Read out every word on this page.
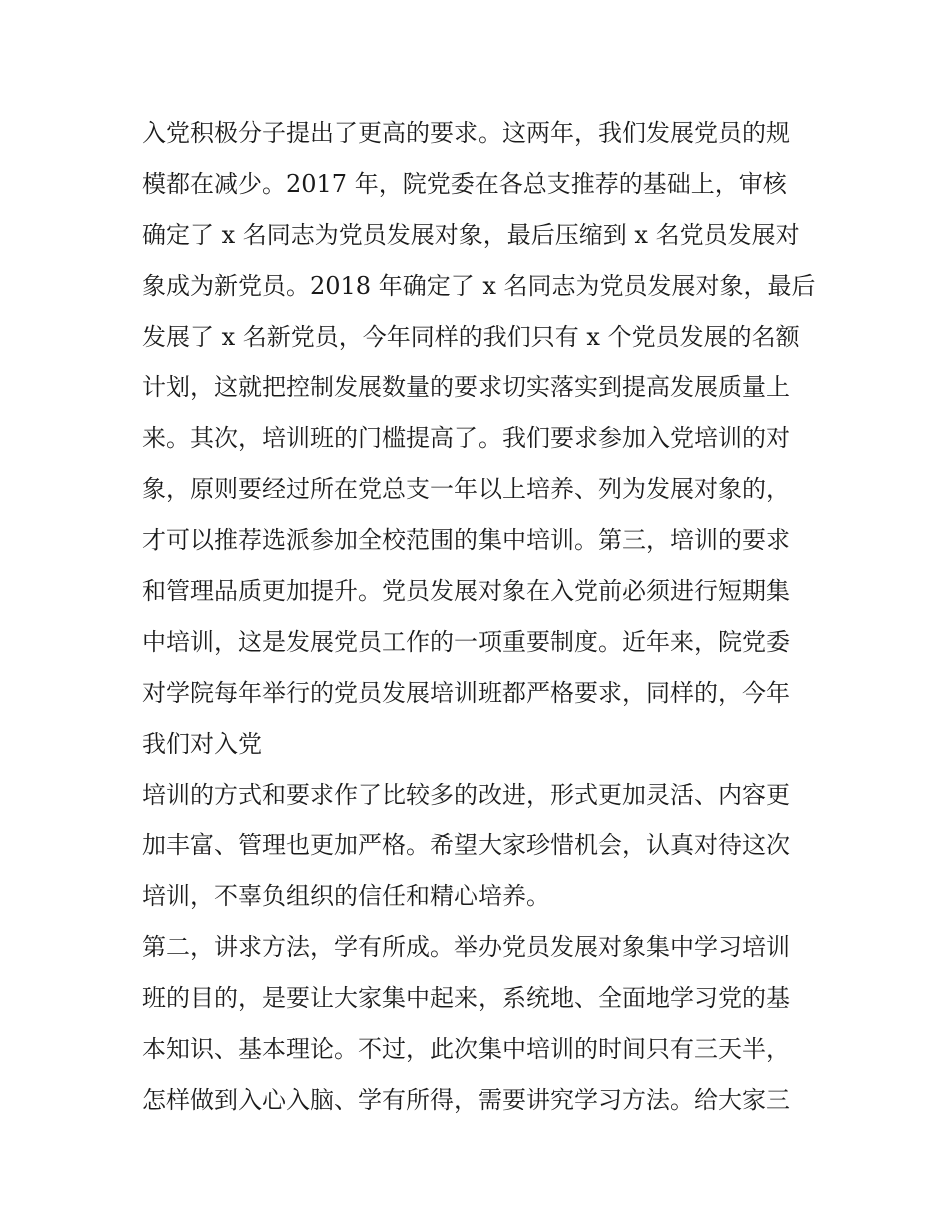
入党积极分子提出了更高的要求。这两年，我们发展党员的规
模都在减少。2017 年，院党委在各总支推荐的基础上，审核
确定了 x 名同志为党员发展对象，最后压缩到 x 名党员发展对
象成为新党员。2018 年确定了 x 名同志为党员发展对象，最后
发展了 x 名新党员，今年同样的我们只有 x 个党员发展的名额
计划，这就把控制发展数量的要求切实落实到提高发展质量上
来。其次，培训班的门槛提高了。我们要求参加入党培训的对
象，原则要经过所在党总支一年以上培养、列为发展对象的，
才可以推荐选派参加全校范围的集中培训。第三，培训的要求
和管理品质更加提升。党员发展对象在入党前必须进行短期集
中培训，这是发展党员工作的一项重要制度。近年来，院党委
对学院每年举行的党员发展培训班都严格要求，同样的，今年
我们对入党
培训的方式和要求作了比较多的改进，形式更加灵活、内容更
加丰富、管理也更加严格。希望大家珍惜机会，认真对待这次
培训，不辜负组织的信任和精心培养。
第二，讲求方法，学有所成。举办党员发展对象集中学习培训
班的目的，是要让大家集中起来，系统地、全面地学习党的基
本知识、基本理论。不过，此次集中培训的时间只有三天半，
怎样做到入心入脑、学有所得，需要讲究学习方法。给大家三
